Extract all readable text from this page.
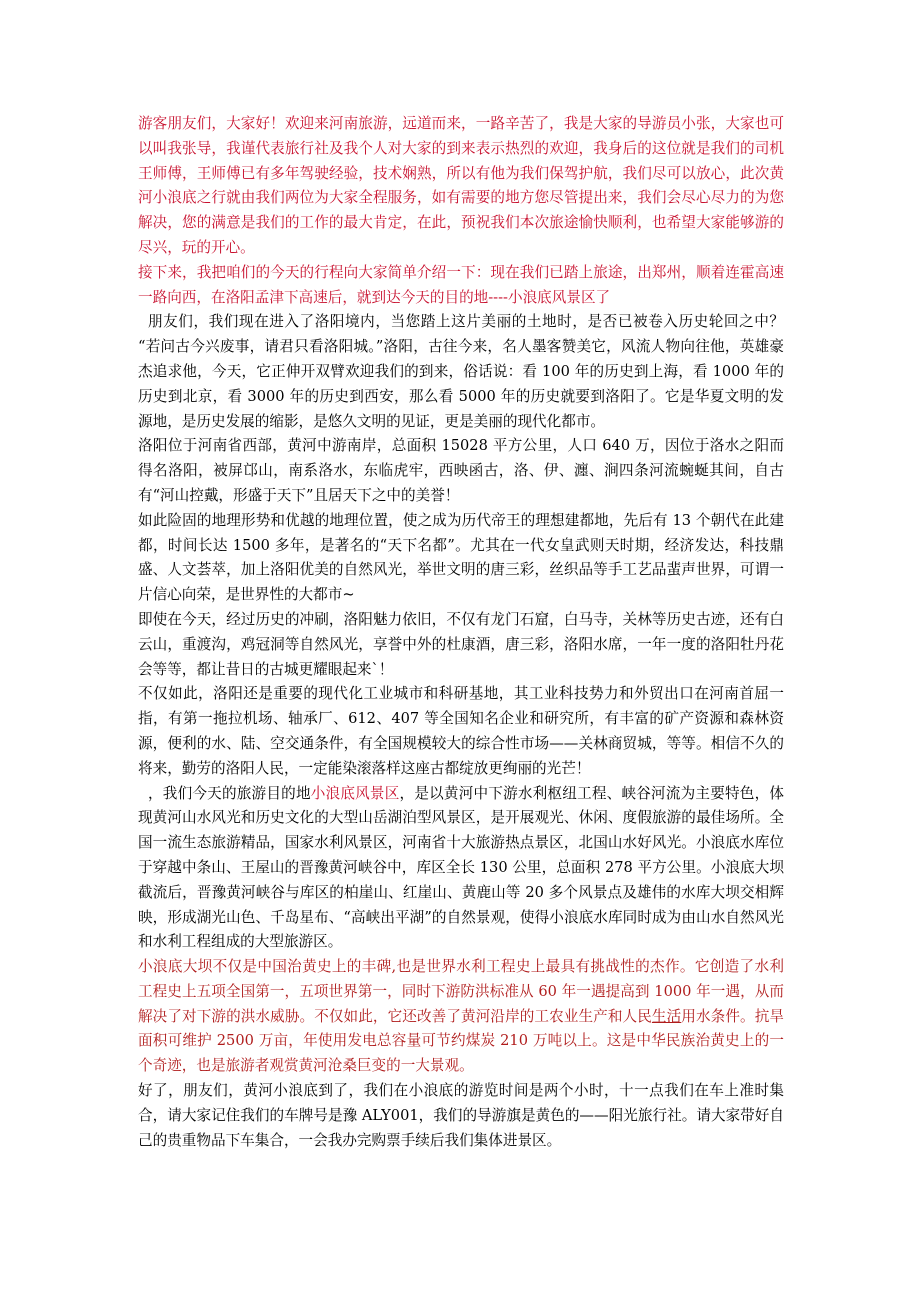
游客朋友们，大家好！欢迎来河南旅游，远道而来，一路辛苦了，我是大家的导游员小张，大家也可以叫我张导，我谨代表旅行社及我个人对大家的到来表示热烈的欢迎，我身后的这位就是我们的司机王师傅，王师傅已有多年驾驶经验，技术娴熟，所以有他为我们保驾护航，我们尽可以放心，此次黄河小浪底之行就由我们两位为大家全程服务，如有需要的地方您尽管提出来，我们会尽心尽力的为您解决，您的满意是我们的工作的最大肯定，在此，预祝我们本次旅途愉快顺利，也希望大家能够游的尽兴，玩的开心。

接下来，我把咱们的今天的行程向大家简单介绍一下：现在我们已踏上旅途，出郑州，顺着连霍高速一路向西，在洛阳孟津下高速后，就到达今天的目的地----小浪底风景区了

朋友们，我们现在进入了洛阳境内，当您踏上这片美丽的土地时，是否已被卷入历史轮回之中？ “若问古今兴废事，请君只看洛阳城。”洛阳，古往今来，名人墨客赞美它，风流人物向往他，英雄豪杰追求他，今天，它正伸开双臂欢迎我们的到来，俗话说：看 100 年的历史到上海，看 1000 年的历史到北京，看 3000 年的历史到西安，那么看 5000 年的历史就要到洛阳了。它是华夏文明的发源地，是历史发展的缩影，是悠久文明的见证，更是美丽的现代化都市。

洛阳位于河南省西部，黄河中游南岸，总面积 15028 平方公里，人口 640 万，因位于洛水之阳而得名洛阳，被屏邙山，南系洛水，东临虎牢，西映函古，洛、伊、瀍、涧四条河流蜿蜒其间，自古有“河山控戴，形盛于天下”且居天下之中的美誉！

如此险固的地理形势和优越的地理位置，使之成为历代帝王的理想建都地，先后有 13 个朝代在此建都，时间长达 1500 多年，是著名的“天下名都”。尤其在一代女皇武则天时期，经济发达，科技鼎盛、人文荟萃，加上洛阳优美的自然风光，举世文明的唐三彩，丝织品等手工艺品蜚声世界，可谓一片信心向荣，是世界性的大都市~

即使在今天，经过历史的冲刷，洛阳魅力依旧，不仅有龙门石窟，白马寺，关林等历史古迹，还有白云山，重渡沟，鸡冠洞等自然风光，享誉中外的杜康酒，唐三彩，洛阳水席，一年一度的洛阳牡丹花会等等，都让昔日的古城更耀眼起来`！

不仅如此，洛阳还是重要的现代化工业城市和科研基地，其工业科技势力和外贸出口在河南首屈一指，有第一拖拉机场、轴承厂、612、407 等全国知名企业和研究所，有丰富的矿产资源和森林资源，便利的水、陆、空交通条件，有全国规模较大的综合性市场——关林商贸城，等等。相信不久的将来，勤劳的洛阳人民，一定能染滚落样这座古都绽放更绚丽的光芒！

，我们今天的旅游目的地小浪底风景区，是以黄河中下游水利枢纽工程、峡谷河流为主要特色，体现黄河山水风光和历史文化的大型山岳湖泊型风景区，是开展观光、休闲、度假旅游的最佳场所。全国一流生态旅游精品，国家水利风景区，河南省十大旅游热点景区，北国山水好风光。小浪底水库位于穿越中条山、王屋山的晋豫黄河峡谷中，库区全长 130 公里，总面积 278 平方公里。小浪底大坝截流后，晋豫黄河峡谷与库区的柏崖山、红崖山、黄鹿山等 20 多个风景点及雄伟的水库大坝交相辉映，形成湖光山色、千岛星布、“高峡出平湖”的自然景观，使得小浪底水库同时成为由山水自然风光和水利工程组成的大型旅游区。

小浪底大坝不仅是中国治黄史上的丰碑,也是世界水利工程史上最具有挑战性的杰作。它创造了水利工程史上五项全国第一，五项世界第一，同时下游防洪标准从 60 年一遇提高到 1000 年一遇，从而解决了对下游的洪水威胁。不仅如此，它还改善了黄河沿岸的工农业生产和人民生活用水条件。抗旱面积可维护 2500 万亩，年使用发电总容量可节约煤炭 210 万吨以上。这是中华民族治黄史上的一个奇迹，也是旅游者观赏黄河沧桑巨变的一大景观。

好了，朋友们，黄河小浪底到了，我们在小浪底的游览时间是两个小时，十一点我们在车上准时集合，请大家记住我们的车牌号是豫 ALY001，我们的导游旗是黄色的——阳光旅行社。请大家带好自己的贵重物品下车集合，一会我办完购票手续后我们集体进景区。
